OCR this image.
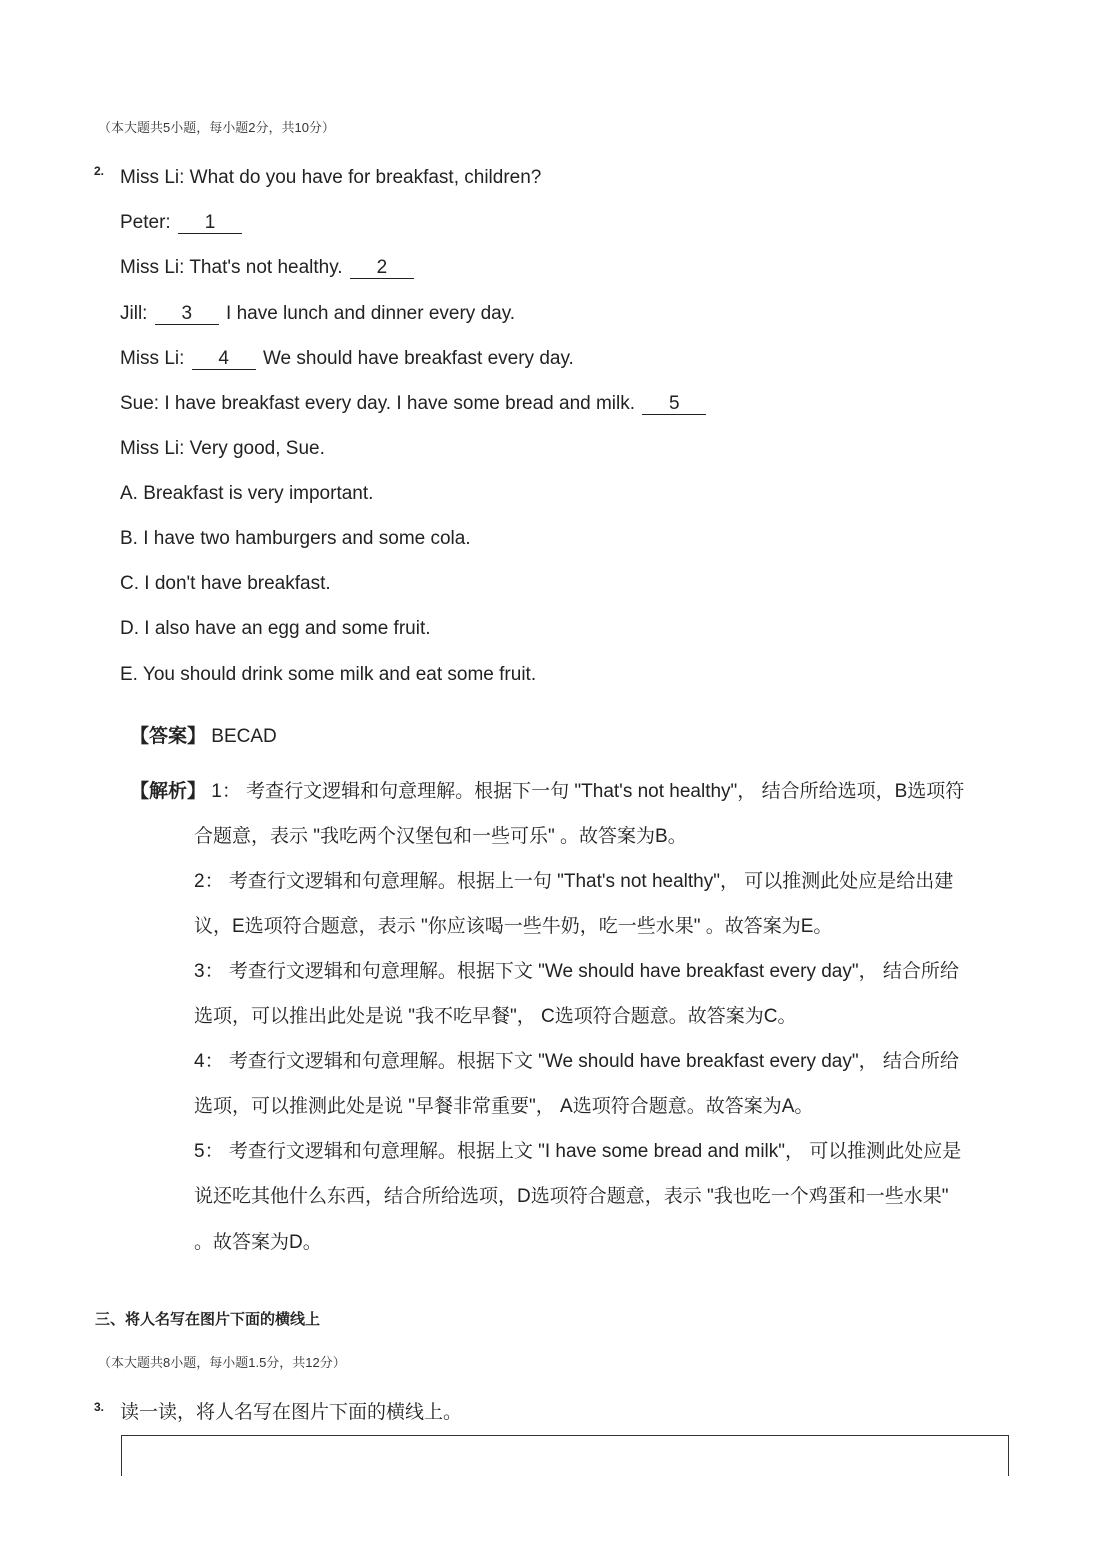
（本大题共5小题，每小题2分，共10分）
2. Miss Li: What do you have for breakfast, children?
Peter: 1
Miss Li: That's not healthy. 2
Jill: 3 I have lunch and dinner every day.
Miss Li: 4 We should have breakfast every day.
Sue: I have breakfast every day. I have some bread and milk. 5
Miss Li: Very good, Sue.
A. Breakfast is very important.
B. I have two hamburgers and some cola.
C. I don't have breakfast.
D. I also have an egg and some fruit.
E. You should drink some milk and eat some fruit.
【答案】 BECAD
【解析】 1： 考查行文逻辑和句意理解。根据下一句 "That's not healthy"， 结合所给选项，B选项符
合题意，表示 "我吃两个汉堡包和一些可乐" 。故答案为B。
2： 考查行文逻辑和句意理解。根据上一句 "That's not healthy"， 可以推测此处应是给出建
议，E选项符合题意，表示 "你应该喝一些牛奶，吃一些水果" 。故答案为E。
3： 考查行文逻辑和句意理解。根据下文 "We should have breakfast every day"， 结合所给
选项，可以推出此处是说 "我不吃早餐"， C选项符合题意。故答案为C。
4： 考查行文逻辑和句意理解。根据下文 "We should have breakfast every day"， 结合所给
选项，可以推测此处是说 "早餐非常重要"， A选项符合题意。故答案为A。
5： 考查行文逻辑和句意理解。根据上文 "I have some bread and milk"， 可以推测此处应是
说还吃其他什么东西，结合所给选项，D选项符合题意，表示 "我也吃一个鸡蛋和一些水果"
。故答案为D。
三、将人名写在图片下面的横线上
（本大题共8小题，每小题1.5分，共12分）
3. 读一读，将人名写在图片下面的横线上。
